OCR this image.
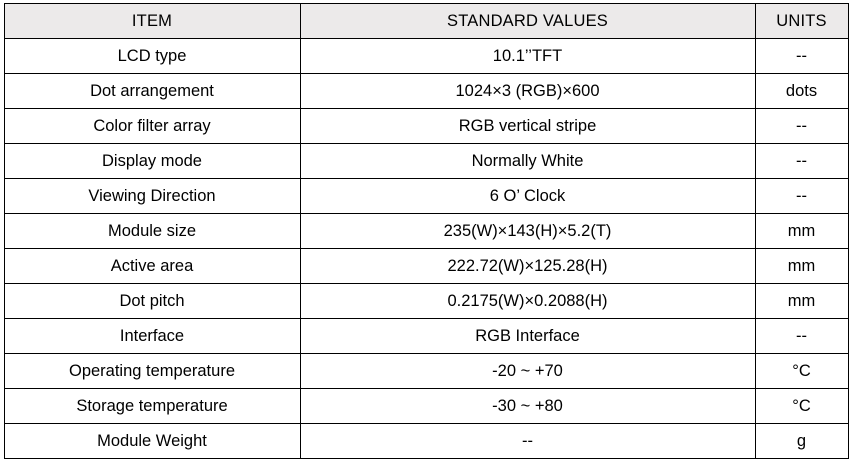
ITEM	STANDARD VALUES	UNITS
LCD type	10.1’’TFT	--
Dot arrangement	1024×3 (RGB)×600	dots
Color filter array	RGB vertical stripe	--
Display mode	Normally White	--
Viewing Direction	6 O’ Clock	--
Module size	235(W)×143(H)×5.2(T)	mm
Active area	222.72(W)×125.28(H)	mm
Dot pitch	0.2175(W)×0.2088(H)	mm
Interface	RGB Interface	--
Operating temperature	-20 ~ +70	°C
Storage temperature	-30 ~ +80	°C
Module Weight	--	g
